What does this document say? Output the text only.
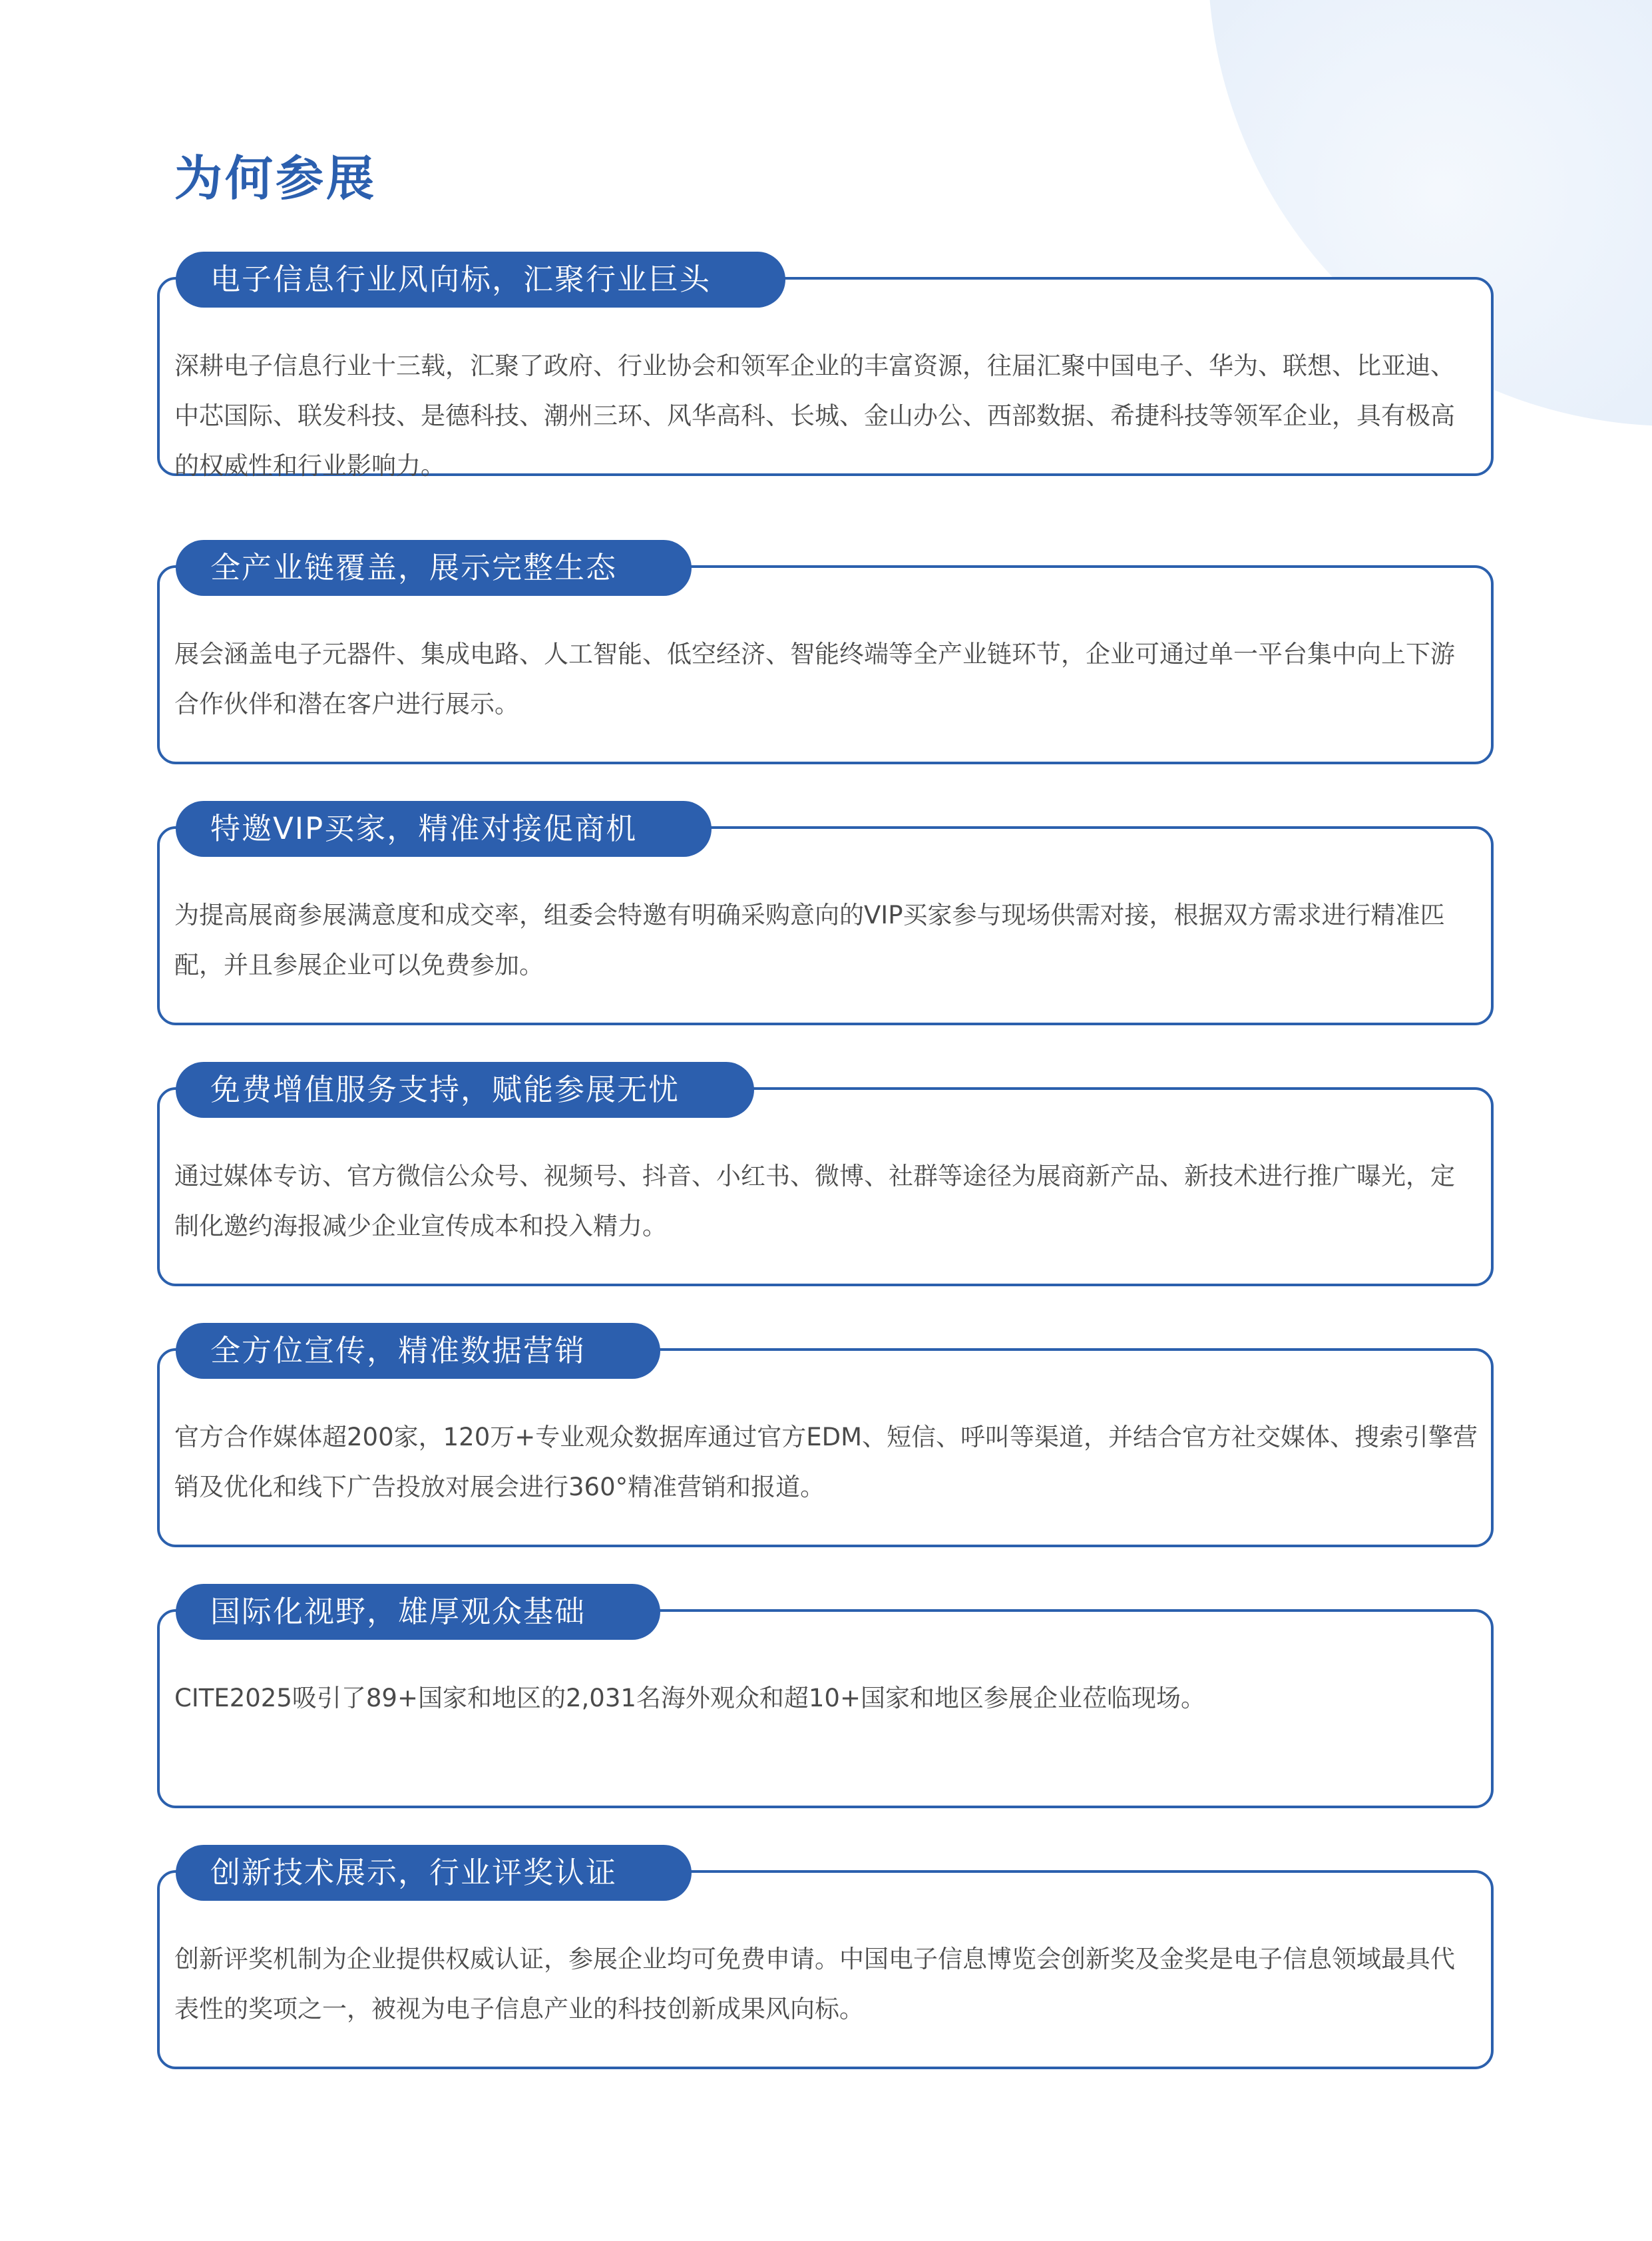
为何参展
电子信息行业风向标，汇聚行业巨头

深耕电子信息行业十三载，汇聚了政府、行业协会和领军企业的丰富资源，往届汇聚中国电子、华为、联想、比亚迪、中芯国际、联发科技、是德科技、潮州三环、风华高科、长城、金山办公、西部数据、希捷科技等领军企业，具有极高的权威性和行业影响力。

全产业链覆盖，展示完整生态

展会涵盖电子元器件、集成电路、人工智能、低空经济、智能终端等全产业链环节，企业可通过单一平台集中向上下游合作伙伴和潜在客户进行展示。

特邀VIP买家，精准对接促商机

为提高展商参展满意度和成交率，组委会特邀有明确采购意向的VIP买家参与现场供需对接，根据双方需求进行精准匹配，并且参展企业可以免费参加。

免费增值服务支持，赋能参展无忧

通过媒体专访、官方微信公众号、视频号、抖音、小红书、微博、社群等途径为展商新产品、新技术进行推广曝光，定制化邀约海报减少企业宣传成本和投入精力。

全方位宣传，精准数据营销

官方合作媒体超200家，120万+专业观众数据库通过官方EDM、短信、呼叫等渠道，并结合官方社交媒体、搜索引擎营销及优化和线下广告投放对展会进行360°精准营销和报道。

国际化视野，雄厚观众基础

CITE2025吸引了89+国家和地区的2,031名海外观众和超10+国家和地区参展企业莅临现场。

创新技术展示，行业评奖认证

创新评奖机制为企业提供权威认证，参展企业均可免费申请。中国电子信息博览会创新奖及金奖是电子信息领域最具代表性的奖项之一，被视为电子信息产业的科技创新成果风向标。
